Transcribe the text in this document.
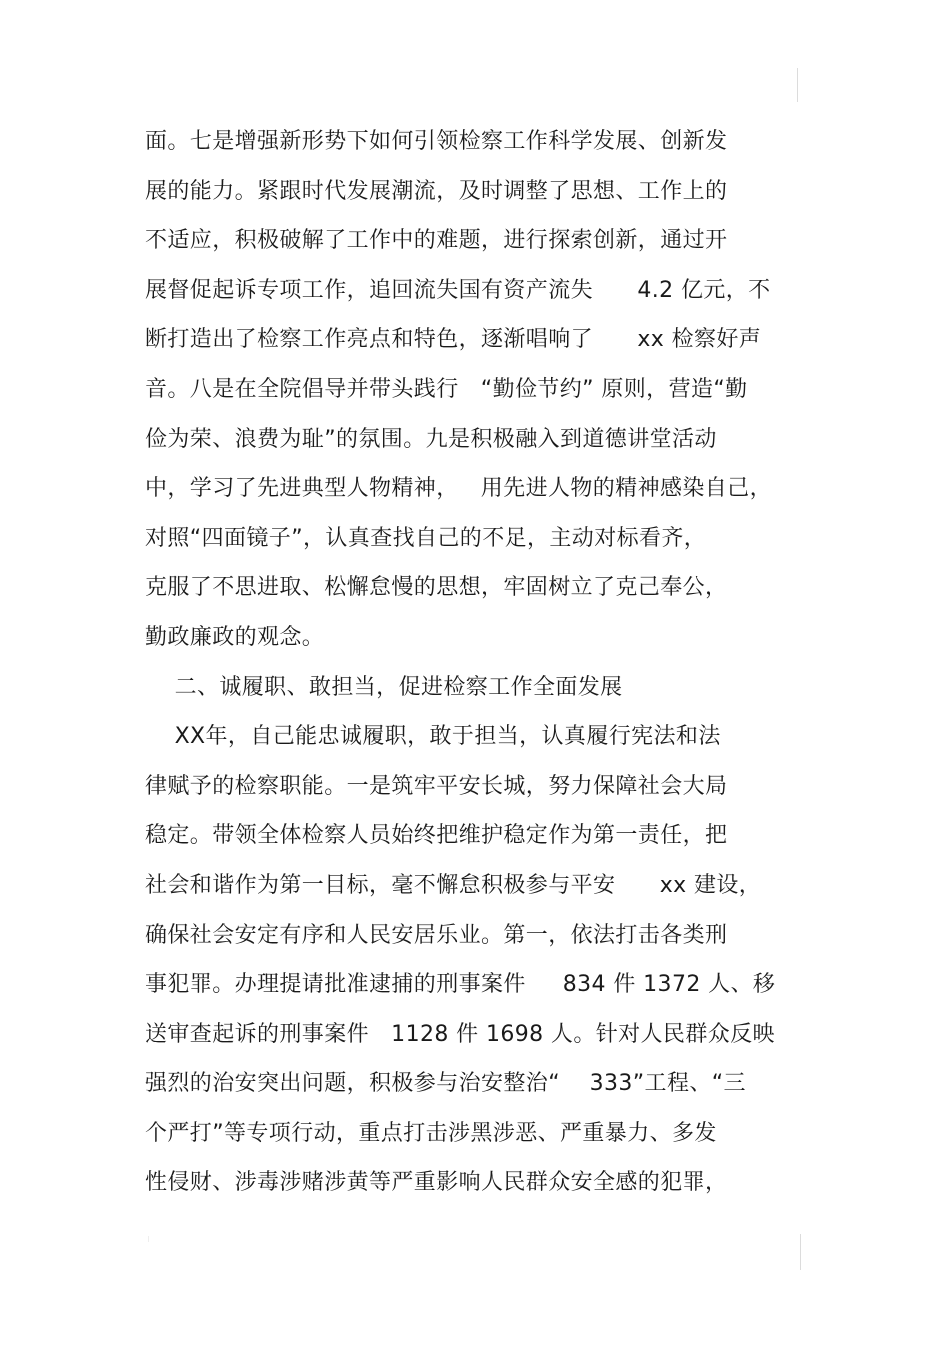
面。七是增强新形势下如何引领检察工作科学发展、创新发
展的能力。紧跟时代发展潮流，及时调整了思想、工作上的
不适应，积极破解了工作中的难题，进行探索创新，通过开
展督促起诉专项工作，追回流失国有资产流失      4.2 亿元，不
断打造出了检察工作亮点和特色，逐渐唱响了      xx 检察好声
音。八是在全院倡导并带头践行   “勤俭节约” 原则，营造“勤
俭为荣、浪费为耻”的氛围。九是积极融入到道德讲堂活动
中，学习了先进典型人物精神，   用先进人物的精神感染自己，
对照“四面镜子”，认真查找自己的不足，主动对标看齐，
克服了不思进取、松懈怠慢的思想，牢固树立了克己奉公，
勤政廉政的观念。
二、诚履职、敢担当，促进检察工作全面发展
XX年，自己能忠诚履职，敢于担当，认真履行宪法和法
律赋予的检察职能。一是筑牢平安长城，努力保障社会大局
稳定。带领全体检察人员始终把维护稳定作为第一责任，把
社会和谐作为第一目标，毫不懈怠积极参与平安      xx 建设，
确保社会安定有序和人民安居乐业。第一，依法打击各类刑
事犯罪。办理提请批准逮捕的刑事案件     834 件 1372 人、移
送审查起诉的刑事案件   1128 件 1698 人。针对人民群众反映
强烈的治安突出问题，积极参与治安整治“    333”工程、“三
个严打”等专项行动，重点打击涉黑涉恶、严重暴力、多发
性侵财、涉毒涉赌涉黄等严重影响人民群众安全感的犯罪，
